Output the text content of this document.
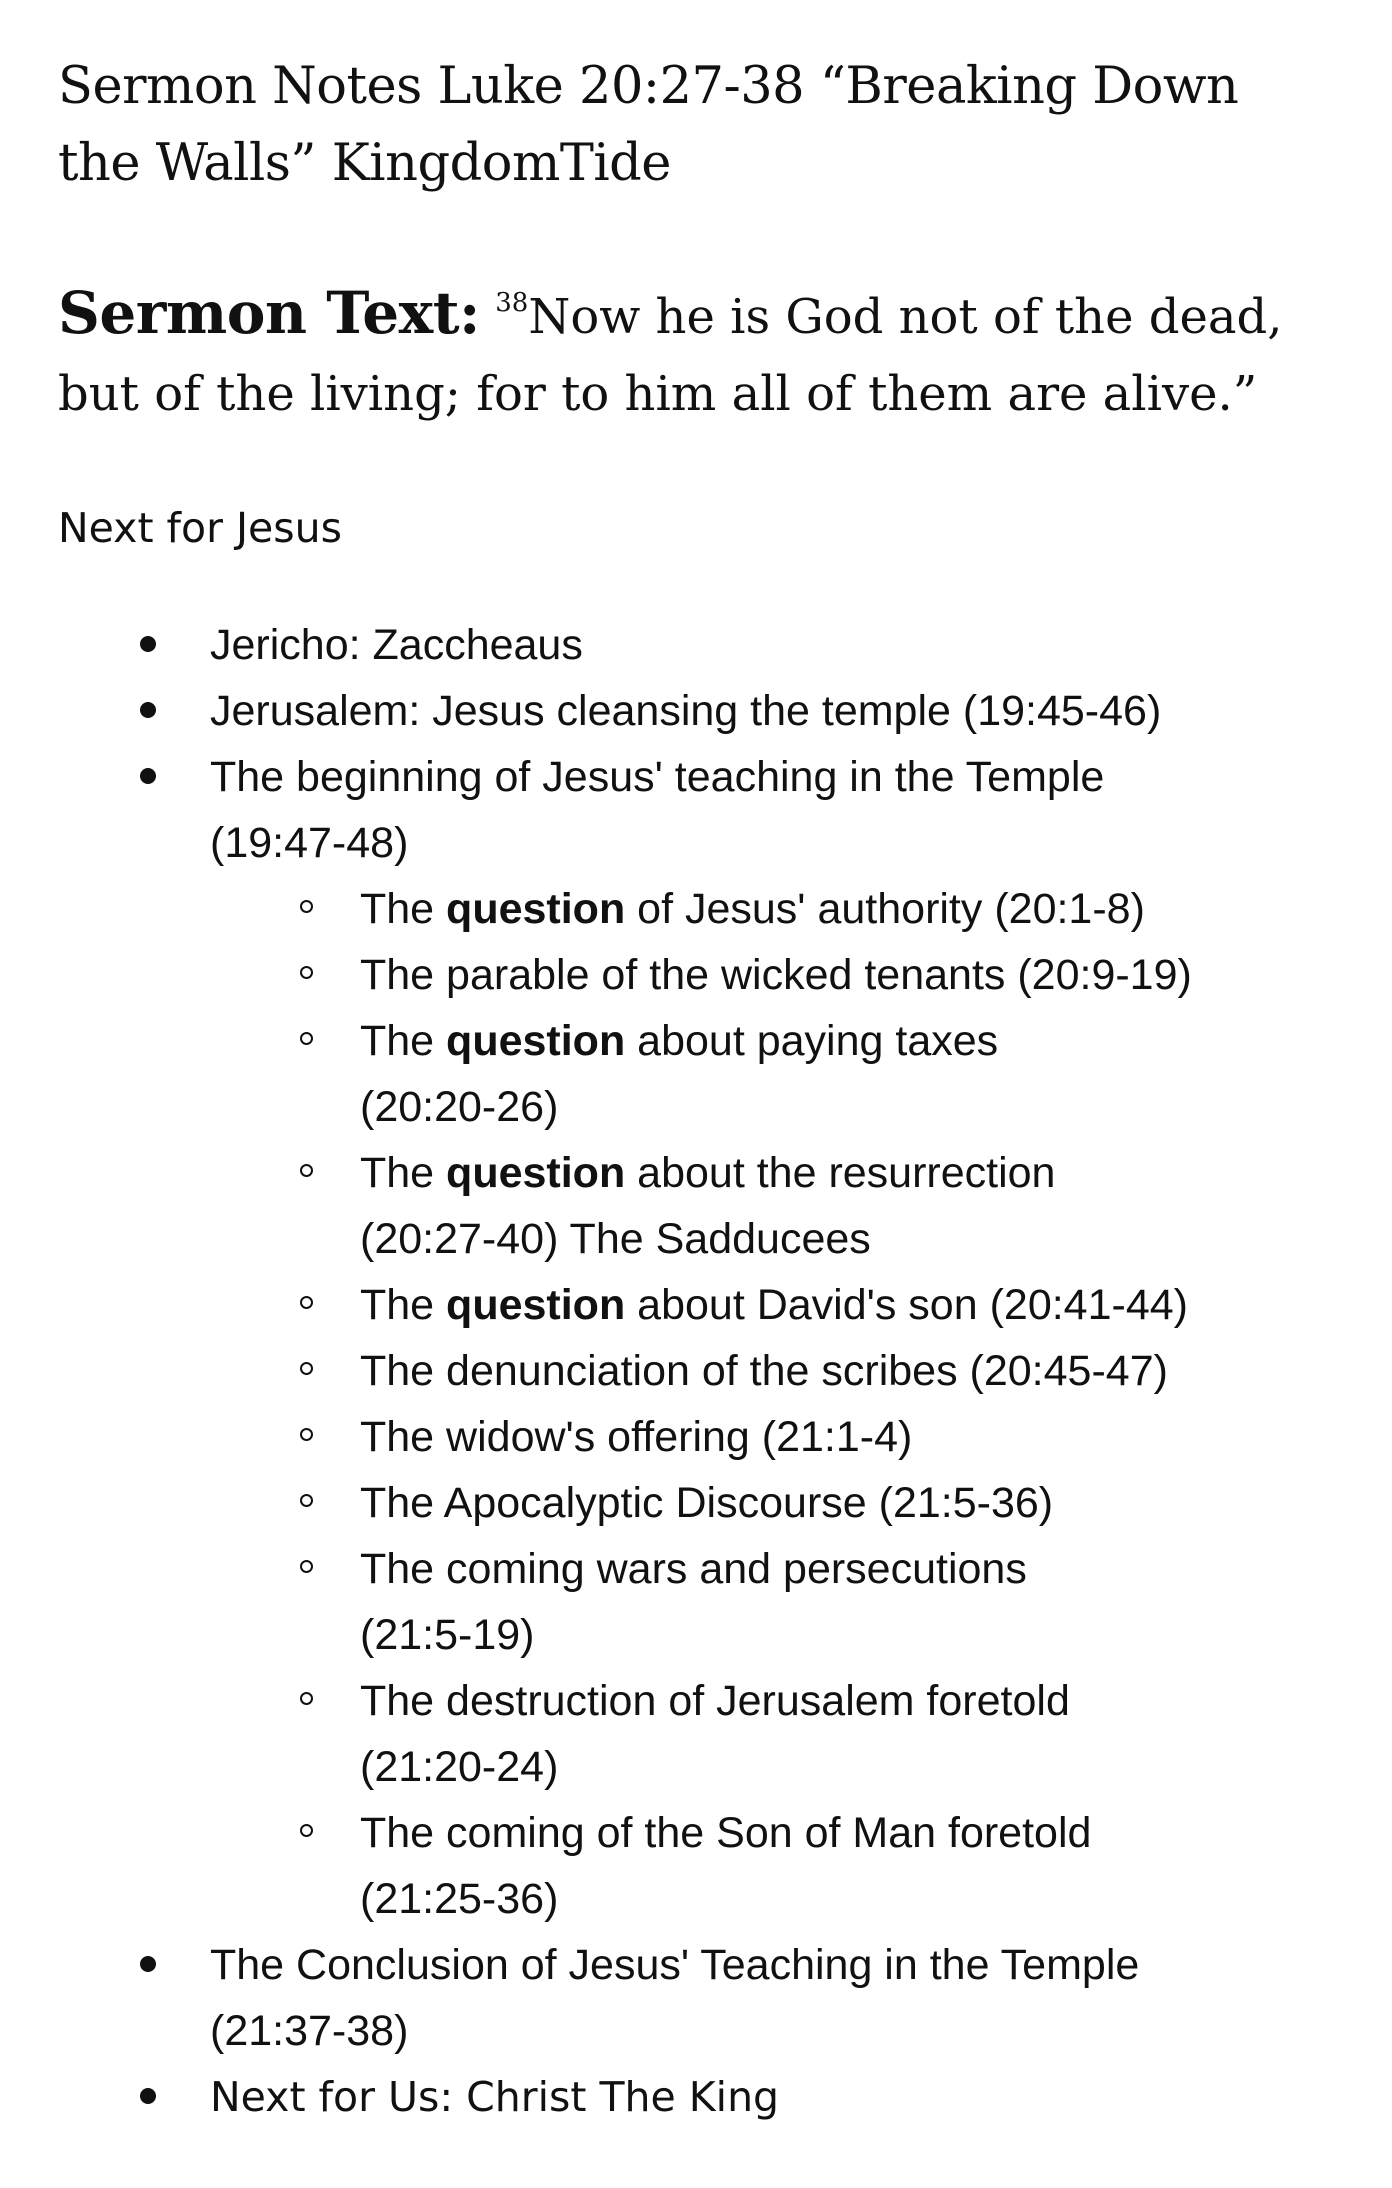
Sermon Notes Luke 20:27-38 “Breaking Down
the Walls” KingdomTide
Sermon Text: $^{38}$Now he is God not of the dead,
but of the living; for to him all of them are alive.”
Next for Jesus
Jericho: Zaccheaus
Jerusalem: Jesus cleansing the temple (19:45-46)
The beginning of Jesus' teaching in the Temple
(19:47-48)
The question of Jesus' authority (20:1-8)
The parable of the wicked tenants (20:9-19)
The question about paying taxes
(20:20-26)
The question about the resurrection
(20:27-40) The Sadducees
The question about David's son (20:41-44)
The denunciation of the scribes (20:45-47)
The widow's offering (21:1-4)
The Apocalyptic Discourse (21:5-36)
The coming wars and persecutions
(21:5-19)
The destruction of Jerusalem foretold
(21:20-24)
The coming of the Son of Man foretold
(21:25-36)
The Conclusion of Jesus' Teaching in the Temple
(21:37-38)
Next for Us: Christ The King
